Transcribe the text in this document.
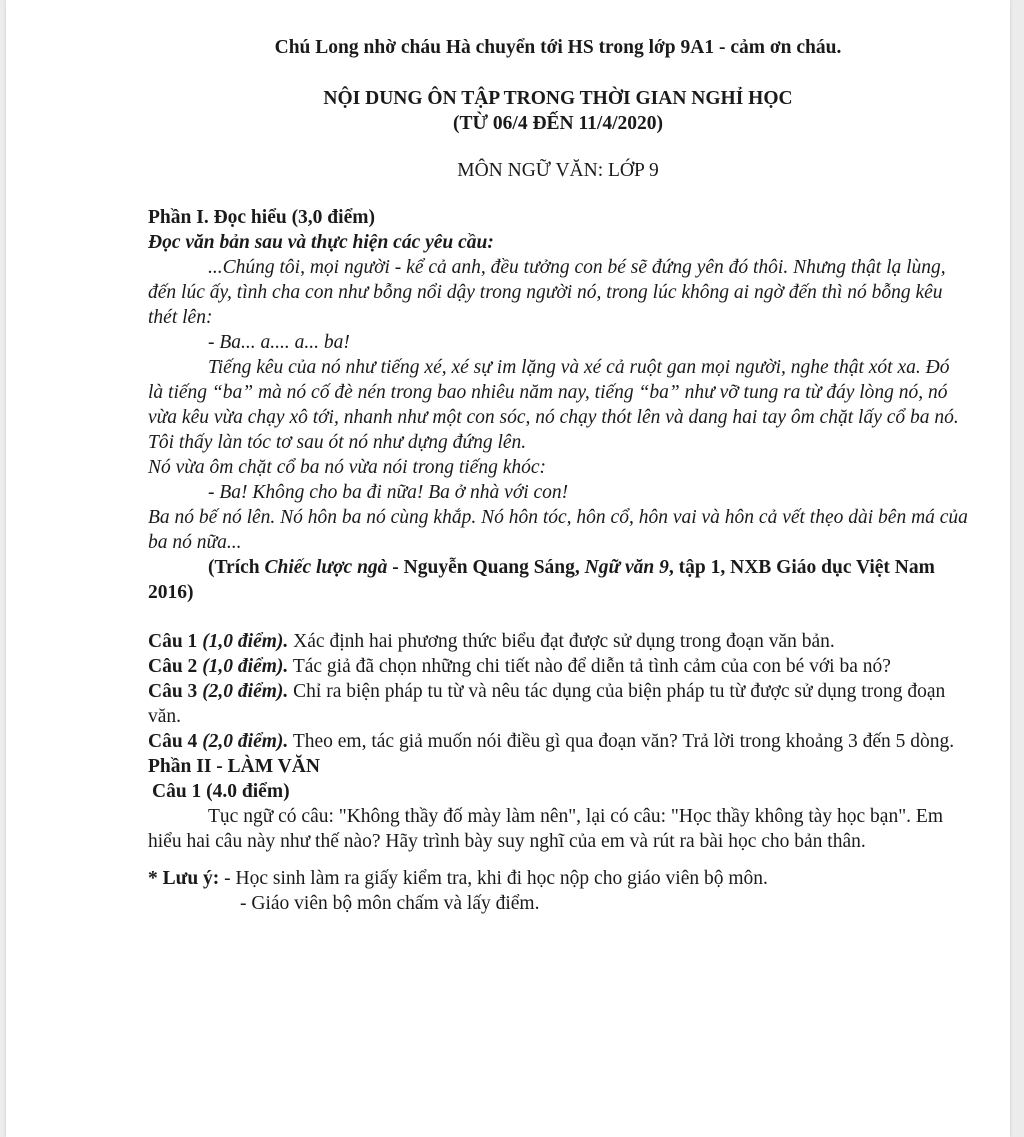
Chú Long nhờ cháu Hà chuyển tới HS trong lớp 9A1 - cảm ơn cháu.

NỘI DUNG ÔN TẬP TRONG THỜI GIAN NGHỈ HỌC

(TỪ 06/4 ĐẾN 11/4/2020)

MÔN NGỮ VĂN: LỚP 9

Phần I. Đọc hiểu (3,0 điểm)

Đọc văn bản sau và thực hiện các yêu cầu:

...Chúng tôi, mọi người - kể cả anh, đều tưởng con bé sẽ đứng yên đó thôi. Nhưng thật lạ lùng, đến lúc ấy, tình cha con như bỗng nổi dậy trong người nó, trong lúc không ai ngờ đến thì nó bỗng kêu thét lên:

- Ba... a.... a... ba!

Tiếng kêu của nó như tiếng xé, xé sự im lặng và xé cả ruột gan mọi người, nghe thật xót xa. Đó là tiếng “ba” mà nó cố đè nén trong bao nhiêu năm nay, tiếng “ba” như vỡ tung ra từ đáy lòng nó, nó vừa kêu vừa chạy xô tới, nhanh như một con sóc, nó chạy thót lên và dang hai tay ôm chặt lấy cổ ba nó. Tôi thấy làn tóc tơ sau ót nó như dựng đứng lên.

Nó vừa ôm chặt cổ ba nó vừa nói trong tiếng khóc:

- Ba! Không cho ba đi nữa! Ba ở nhà với con!

Ba nó bế nó lên. Nó hôn ba nó cùng khắp. Nó hôn tóc, hôn cổ, hôn vai và hôn cả vết thẹo dài bên má của ba nó nữa...

(Trích Chiếc lược ngà - Nguyễn Quang Sáng, Ngữ văn 9, tập 1, NXB Giáo dục Việt Nam 2016)

Câu 1 (1,0 điểm). Xác định hai phương thức biểu đạt được sử dụng trong đoạn văn bản.

Câu 2 (1,0 điểm). Tác giả đã chọn những chi tiết nào để diễn tả tình cảm của con bé với ba nó?

Câu 3 (2,0 điểm). Chỉ ra biện pháp tu từ và nêu tác dụng của biện pháp tu từ được sử dụng trong đoạn văn.

Câu 4 (2,0 điểm). Theo em, tác giả muốn nói điều gì qua đoạn văn? Trả lời trong khoảng 3 đến 5 dòng.

Phần II - LÀM VĂN

Câu 1 (4.0 điểm)

Tục ngữ có câu: "Không thầy đố mày làm nên", lại có câu: "Học thầy không tày học bạn". Em hiểu hai câu này như thế nào? Hãy trình bày suy nghĩ của em và rút ra bài học cho bản thân.

* Lưu ý: - Học sinh làm ra giấy kiểm tra, khi đi học nộp cho giáo viên bộ môn.

- Giáo viên bộ môn chấm và lấy điểm.
